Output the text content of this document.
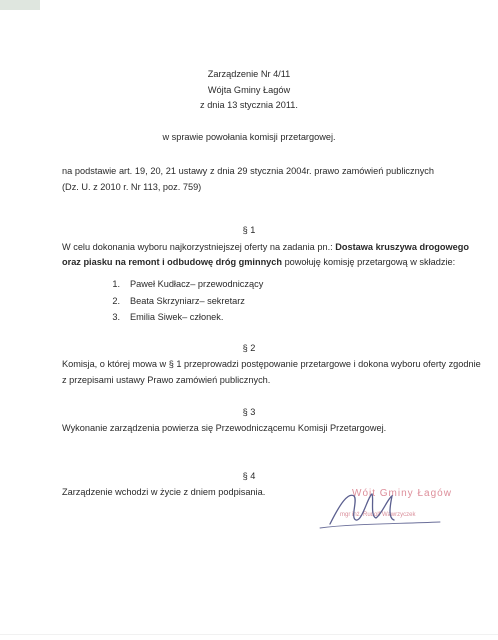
Zarządzenie Nr 4/11
Wójta Gminy Łagów
z dnia 13 stycznia 2011.
w sprawie powołania komisji przetargowej.
na podstawie art. 19, 20, 21 ustawy z dnia 29 stycznia 2004r. prawo zamówień publicznych
(Dz. U. z 2010 r. Nr 113, poz. 759)
§ 1
W celu dokonania wyboru najkorzystniejszej oferty na zadania pn.: Dostawa kruszywa drogowego
oraz piasku na remont i odbudowę dróg gminnych powołuję komisję przetargową w składzie:
1. Paweł Kudłacz– przewodniczący
2. Beata Skrzyniarz– sekretarz
3. Emilia Siwek– członek.
§ 2
Komisja, o której mowa w § 1 przeprowadzi postępowanie przetargowe i dokona wyboru oferty zgodnie
z przepisami ustawy Prawo zamówień publicznych.
§ 3
Wykonanie zarządzenia powierza się Przewodniczącemu Komisji Przetargowej.
§ 4
Zarządzenie wchodzi w życie z dniem podpisania.	Wójt Gminy Łagów
mgr inż. Rudolf Wawrzyczek
